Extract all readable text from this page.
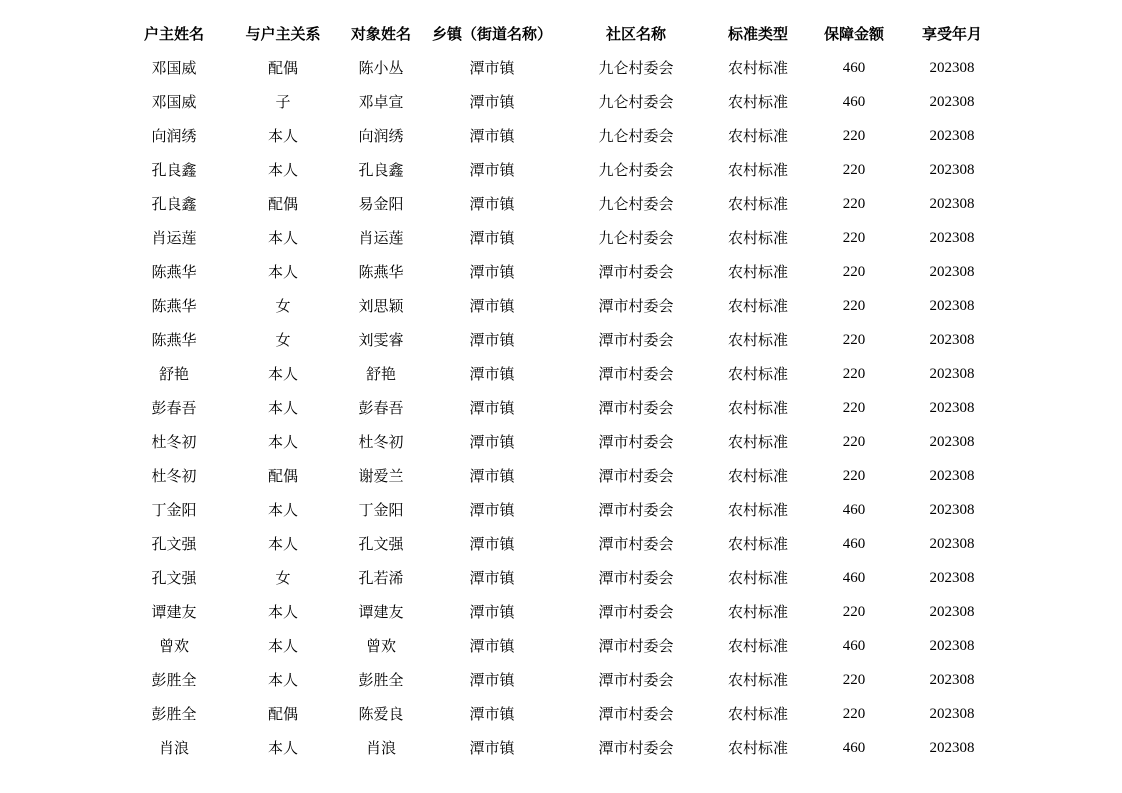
户主姓名	与户主关系	对象姓名	乡镇（街道名称）	社区名称	标准类型	保障金额	享受年月
邓国威	配偶	陈小丛	潭市镇	九仑村委会	农村标准	460	202308
邓国威	子	邓卓宣	潭市镇	九仑村委会	农村标准	460	202308
向润绣	本人	向润绣	潭市镇	九仑村委会	农村标准	220	202308
孔良鑫	本人	孔良鑫	潭市镇	九仑村委会	农村标准	220	202308
孔良鑫	配偶	易金阳	潭市镇	九仑村委会	农村标准	220	202308
肖运莲	本人	肖运莲	潭市镇	九仑村委会	农村标准	220	202308
陈燕华	本人	陈燕华	潭市镇	潭市村委会	农村标准	220	202308
陈燕华	女	刘思颖	潭市镇	潭市村委会	农村标准	220	202308
陈燕华	女	刘雯睿	潭市镇	潭市村委会	农村标准	220	202308
舒艳	本人	舒艳	潭市镇	潭市村委会	农村标准	220	202308
彭春吾	本人	彭春吾	潭市镇	潭市村委会	农村标准	220	202308
杜冬初	本人	杜冬初	潭市镇	潭市村委会	农村标准	220	202308
杜冬初	配偶	谢爱兰	潭市镇	潭市村委会	农村标准	220	202308
丁金阳	本人	丁金阳	潭市镇	潭市村委会	农村标准	460	202308
孔文强	本人	孔文强	潭市镇	潭市村委会	农村标准	460	202308
孔文强	女	孔若浠	潭市镇	潭市村委会	农村标准	460	202308
谭建友	本人	谭建友	潭市镇	潭市村委会	农村标准	220	202308
曾欢	本人	曾欢	潭市镇	潭市村委会	农村标准	460	202308
彭胜全	本人	彭胜全	潭市镇	潭市村委会	农村标准	220	202308
彭胜全	配偶	陈爱良	潭市镇	潭市村委会	农村标准	220	202308
肖浪	本人	肖浪	潭市镇	潭市村委会	农村标准	460	202308
